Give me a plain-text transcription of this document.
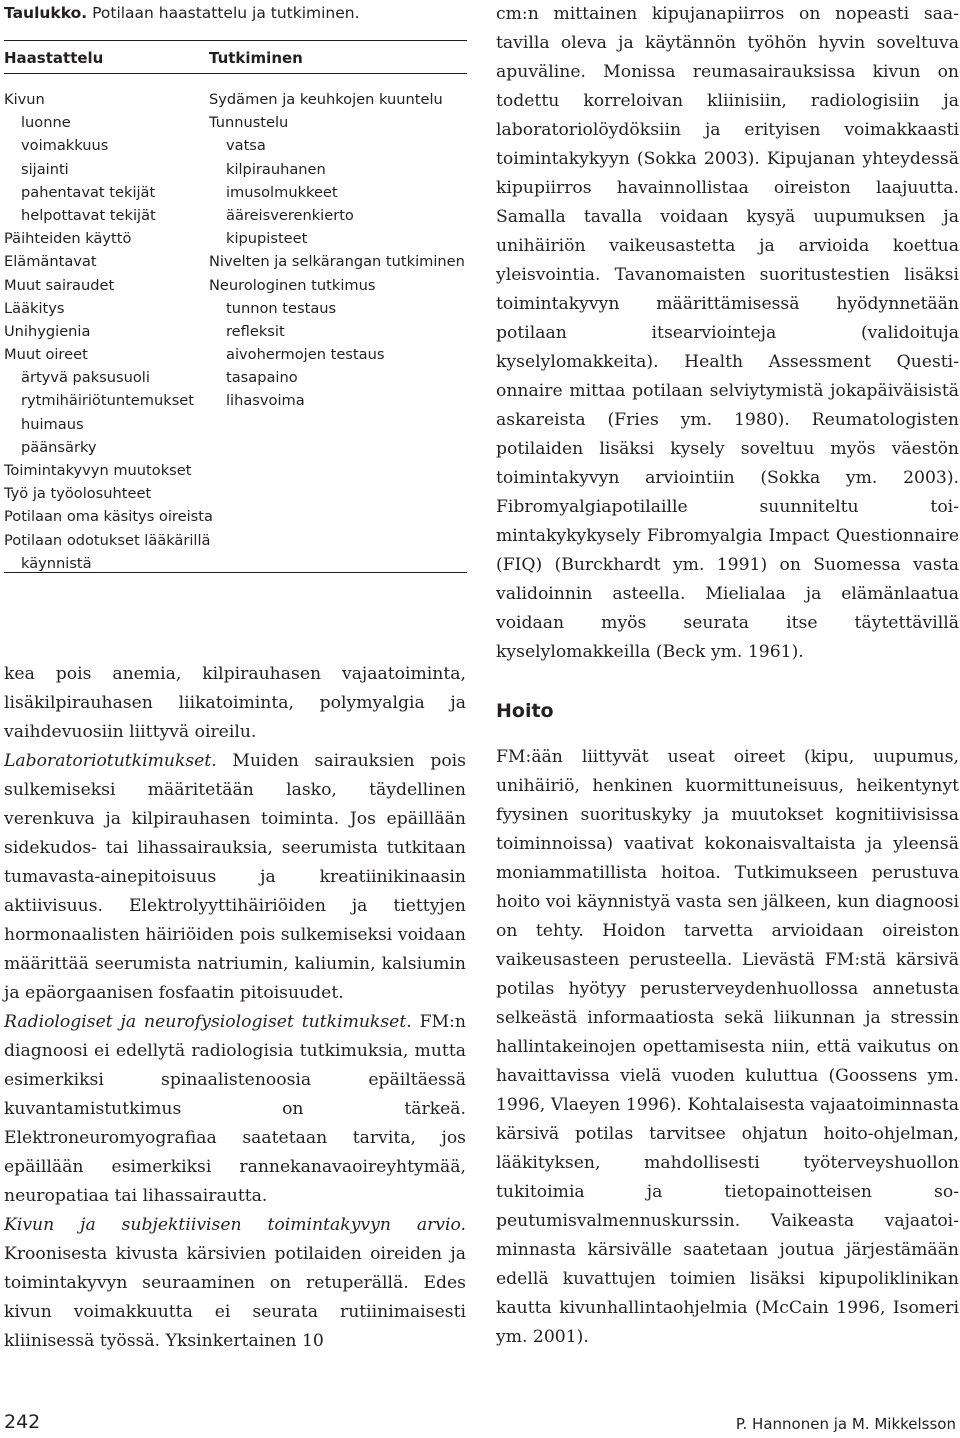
Taulukko. Potilaan haastattelu ja tutkiminen.
Haastattelu	Tutkiminen
Kivun
luonne
voimakkuus
sijainti
pahentavat tekijät
helpottavat tekijät
Päihteiden käyttö
Elämäntavat
Muut sairaudet
Lääkitys
Unihygienia
Muut oireet
ärtyvä paksusuoli
rytmihäiriötuntemukset
huimaus
päänsärky
Toimintakyvyn muutokset
Työ ja työolosuhteet
Potilaan oma käsitys oireista
Potilaan odotukset lääkärillä
käynnistä
Sydämen ja keuhkojen kuuntelu
Tunnustelu
vatsa
kilpirauhanen
imusolmukkeet
ääreisverenkierto
kipupisteet
Nivelten ja selkärangan tutkiminen
Neurologinen tutkimus
tunnon testaus
refleksit
aivohermojen testaus
tasapaino
lihasvoima

kea pois anemia, kilpirauhasen vajaatoiminta, lisäkilpirauhasen liikatoiminta, polymyalgia ja vaihdevuosiin liittyvä oireilu.

Laboratoriotutkimukset. Muiden sairauksien pois sulkemiseksi määritetään lasko, täydellinen verenkuva ja kilpirauhasen toiminta. Jos epäillään sidekudos- tai lihassairauksia, seerumista tutkitaan tumavasta-ainepitoisuus ja kreatiinikinaasin aktiivisuus. Elektrolyyttihäiriöiden ja tiettyjen hormonaalisten häiriöiden pois sulkemiseksi voidaan määrittää seerumista natriumin, kaliumin, kalsiumin ja epäorgaanisen fosfaatin pitoisuudet.

Radiologiset ja neurofysiologiset tutkimukset. FM:n diagnoosi ei edellytä radiologisia tutkimuksia, mutta esimerkiksi spinaalistenoosia epäiltäessä kuvantamistutkimus on tärkeä. Elektroneuromyografiaa saatetaan tarvita, jos epäillään esimerkiksi rannekanavaoireyhtymää, neuropatiaa tai lihassairautta.

Kivun ja subjektiivisen toimintakyvyn arvio. Kroonisesta kivusta kärsivien potilaiden oireiden ja toimintakyvyn seuraaminen on retuperällä. Edes kivun voimakkuutta ei seurata rutiinimaisesti kliinisessä työssä. Yksinkertainen 10

cm:n mittainen kipujanapiirros on nopeasti saatavilla oleva ja käytännön työhön hyvin soveltuva apuväline. Monissa reumasairauksissa kivun on todettu korreloivan kliinisiin, radiologisiin ja laboratoriolöydöksiin ja erityisen voimakkaasti toimintakykyyn (Sokka 2003). Kipujanan yhteydessä kipupiirros havainnollistaa oireiston laajuutta. Samalla tavalla voidaan kysyä uupumuksen ja unihäiriön vaikeusastetta ja arvioida koettua yleisvointia. Tavanomaisten suoritustestien lisäksi toimintakyvyn määrittämisessä hyödynnetään potilaan itsearviointeja (validoituja kyselylomakkeita). Health Assessment Questionnaire mittaa potilaan selviytymistä jokapäiväisistä askareista (Fries ym. 1980). Reumatologisten potilaiden lisäksi kysely soveltuu myös väestön toimintakyvyn arviointiin (Sokka ym. 2003). Fibromyalgiapotilaille suunniteltu toimintakykykysely Fibromyalgia Impact Questionnaire (FIQ) (Burckhardt ym. 1991) on Suomessa vasta validoinnin asteella. Mielialaa ja elämänlaatua voidaan myös seurata itse täytettävillä kyselylomakkeilla (Beck ym. 1961).

Hoito

FM:ään liittyvät useat oireet (kipu, uupumus, unihäiriö, henkinen kuormittuneisuus, heikentynyt fyysinen suorituskyky ja muutokset kognitiivisissa toiminnoissa) vaativat kokonaisvaltaista ja yleensä moniammatillista hoitoa. Tutkimukseen perustuva hoito voi käynnistyä vasta sen jälkeen, kun diagnoosi on tehty. Hoidon tarvetta arvioidaan oireiston vaikeusasteen perusteella. Lievästä FM:stä kärsivä potilas hyötyy perusterveydenhuollossa annetusta selkeästä informaatiosta sekä liikunnan ja stressin hallintakeinojen opettamisesta niin, että vaikutus on havaittavissa vielä vuoden kuluttua (Goossens ym. 1996, Vlaeyen 1996). Kohtalaisesta vajaatoiminnasta kärsivä potilas tarvitsee ohjatun hoito-ohjelman, lääkityksen, mahdollisesti työterveyshuollon tukitoimia ja tietopainotteisen sopeutumisvalmennuskurssin. Vaikeasta vajaatoiminnasta kärsivälle saatetaan joutua järjestämään edellä kuvattujen toimien lisäksi kipupoliklinikan kautta kivunhallintaohjelmia (McCain 1996, Isomeri ym. 2001).

242	P. Hannonen ja M. Mikkelsson
